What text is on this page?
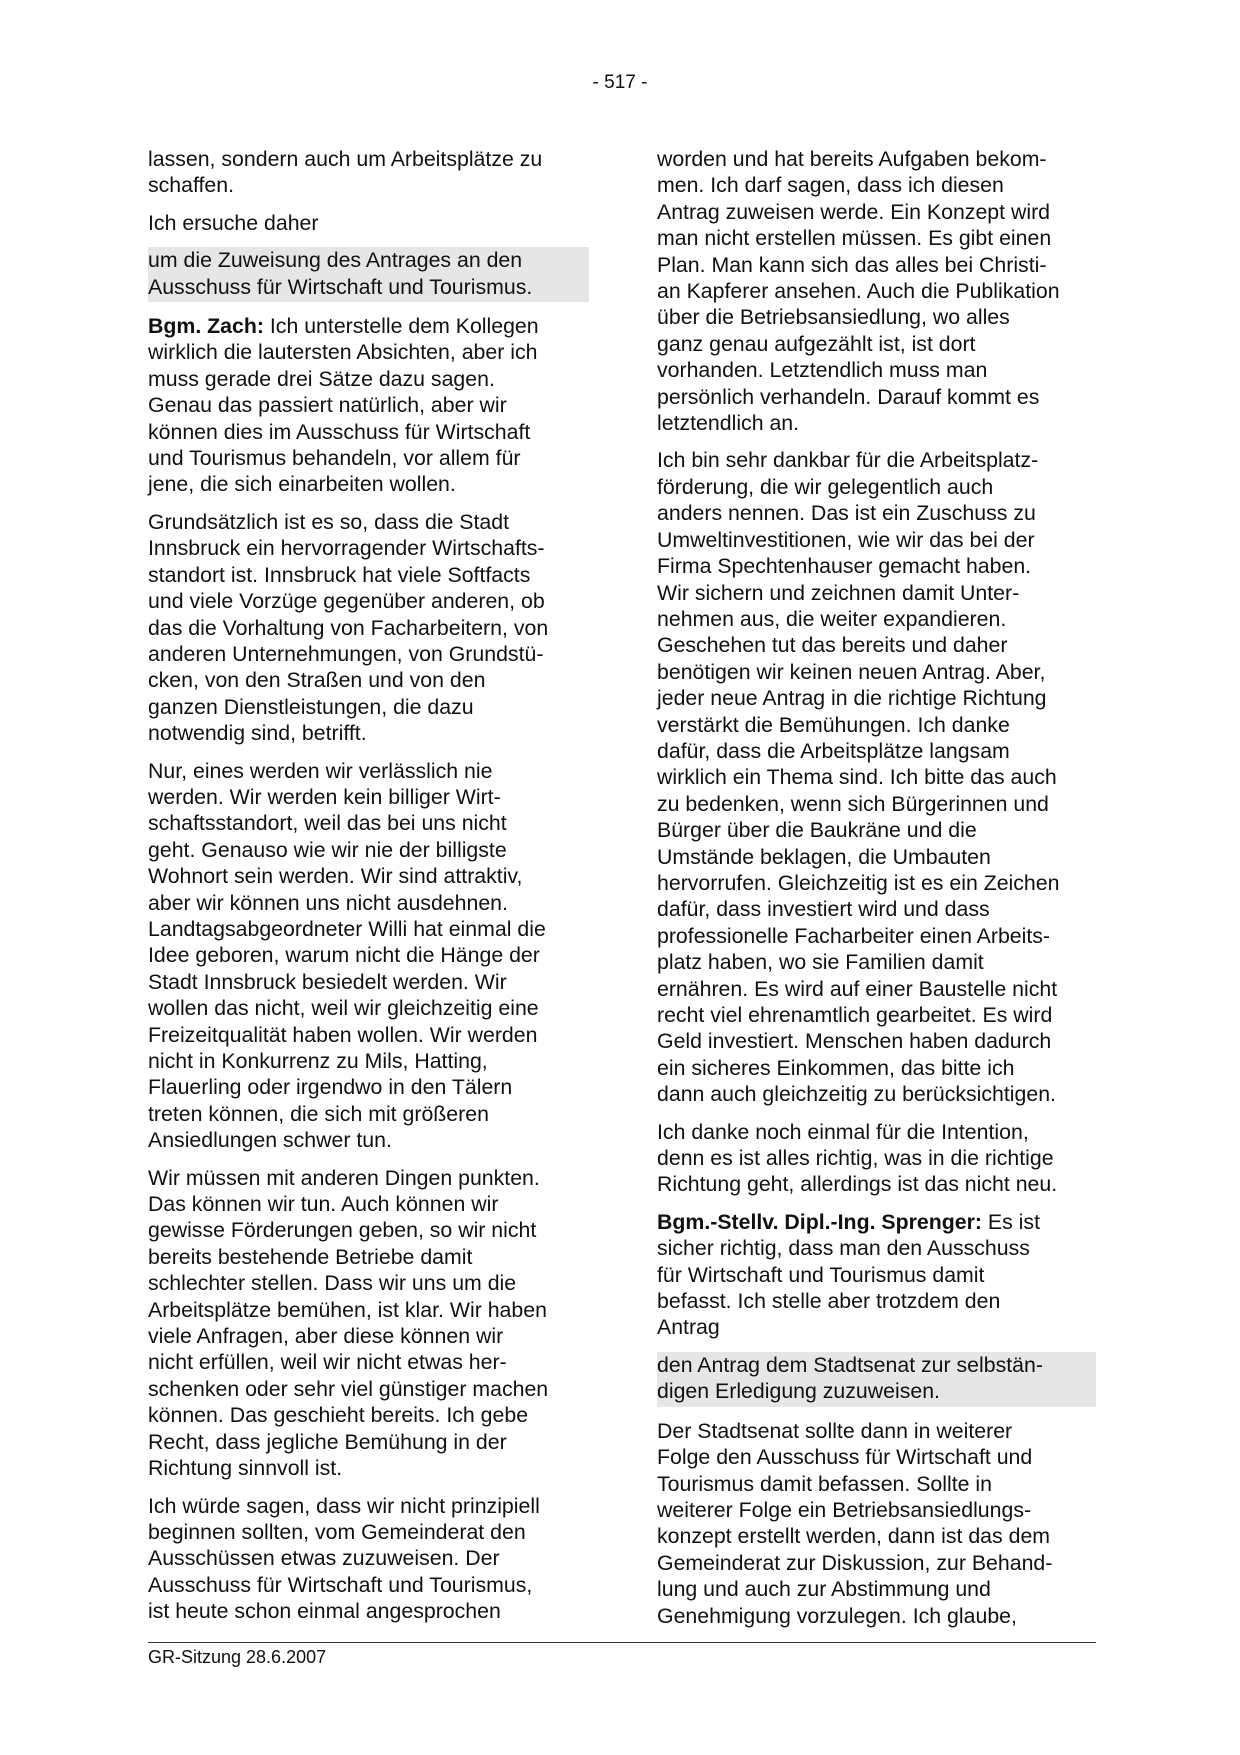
- 517 -

lassen, sondern auch um Arbeitsplätze zu
schaffen.

Ich ersuche daher

um die Zuweisung des Antrages an den
Ausschuss für Wirtschaft und Tourismus.

Bgm. Zach: Ich unterstelle dem Kollegen
wirklich die lautersten Absichten, aber ich
muss gerade drei Sätze dazu sagen.
Genau das passiert natürlich, aber wir
können dies im Ausschuss für Wirtschaft
und Tourismus behandeln, vor allem für
jene, die sich einarbeiten wollen.

Grundsätzlich ist es so, dass die Stadt
Innsbruck ein hervorragender Wirtschafts-
standort ist. Innsbruck hat viele Softfacts
und viele Vorzüge gegenüber anderen, ob
das die Vorhaltung von Facharbeitern, von
anderen Unternehmungen, von Grundstü-
cken, von den Straßen und von den
ganzen Dienstleistungen, die dazu
notwendig sind, betrifft.

Nur, eines werden wir verlässlich nie
werden. Wir werden kein billiger Wirt-
schaftsstandort, weil das bei uns nicht
geht. Genauso wie wir nie der billigste
Wohnort sein werden. Wir sind attraktiv,
aber wir können uns nicht ausdehnen.
Landtagsabgeordneter Willi hat einmal die
Idee geboren, warum nicht die Hänge der
Stadt Innsbruck besiedelt werden. Wir
wollen das nicht, weil wir gleichzeitig eine
Freizeitqualität haben wollen. Wir werden
nicht in Konkurrenz zu Mils, Hatting,
Flauerling oder irgendwo in den Tälern
treten können, die sich mit größeren
Ansiedlungen schwer tun.

Wir müssen mit anderen Dingen punkten.
Das können wir tun. Auch können wir
gewisse Förderungen geben, so wir nicht
bereits bestehende Betriebe damit
schlechter stellen. Dass wir uns um die
Arbeitsplätze bemühen, ist klar. Wir haben
viele Anfragen, aber diese können wir
nicht erfüllen, weil wir nicht etwas her-
schenken oder sehr viel günstiger machen
können. Das geschieht bereits. Ich gebe
Recht, dass jegliche Bemühung in der
Richtung sinnvoll ist.

Ich würde sagen, dass wir nicht prinzipiell
beginnen sollten, vom Gemeinderat den
Ausschüssen etwas zuzuweisen. Der
Ausschuss für Wirtschaft und Tourismus,
ist heute schon einmal angesprochen

worden und hat bereits Aufgaben bekom-
men. Ich darf sagen, dass ich diesen
Antrag zuweisen werde. Ein Konzept wird
man nicht erstellen müssen. Es gibt einen
Plan. Man kann sich das alles bei Christi-
an Kapferer ansehen. Auch die Publikation
über die Betriebsansiedlung, wo alles
ganz genau aufgezählt ist, ist dort
vorhanden. Letztendlich muss man
persönlich verhandeln. Darauf kommt es
letztendlich an.

Ich bin sehr dankbar für die Arbeitsplatz-
förderung, die wir gelegentlich auch
anders nennen. Das ist ein Zuschuss zu
Umweltinvestitionen, wie wir das bei der
Firma Spechtenhauser gemacht haben.
Wir sichern und zeichnen damit Unter-
nehmen aus, die weiter expandieren.
Geschehen tut das bereits und daher
benötigen wir keinen neuen Antrag. Aber,
jeder neue Antrag in die richtige Richtung
verstärkt die Bemühungen. Ich danke
dafür, dass die Arbeitsplätze langsam
wirklich ein Thema sind. Ich bitte das auch
zu bedenken, wenn sich Bürgerinnen und
Bürger über die Baukräne und die
Umstände beklagen, die Umbauten
hervorrufen. Gleichzeitig ist es ein Zeichen
dafür, dass investiert wird und dass
professionelle Facharbeiter einen Arbeits-
platz haben, wo sie Familien damit
ernähren. Es wird auf einer Baustelle nicht
recht viel ehrenamtlich gearbeitet. Es wird
Geld investiert. Menschen haben dadurch
ein sicheres Einkommen, das bitte ich
dann auch gleichzeitig zu berücksichtigen.

Ich danke noch einmal für die Intention,
denn es ist alles richtig, was in die richtige
Richtung geht, allerdings ist das nicht neu.

Bgm.-Stellv. Dipl.-Ing. Sprenger: Es ist
sicher richtig, dass man den Ausschuss
für Wirtschaft und Tourismus damit
befasst. Ich stelle aber trotzdem den
Antrag

den Antrag dem Stadtsenat zur selbstän-
digen Erledigung zuzuweisen.

Der Stadtsenat sollte dann in weiterer
Folge den Ausschuss für Wirtschaft und
Tourismus damit befassen. Sollte in
weiterer Folge ein Betriebsansiedlungs-
konzept erstellt werden, dann ist das dem
Gemeinderat zur Diskussion, zur Behand-
lung und auch zur Abstimmung und
Genehmigung vorzulegen. Ich glaube,

GR-Sitzung 28.6.2007
